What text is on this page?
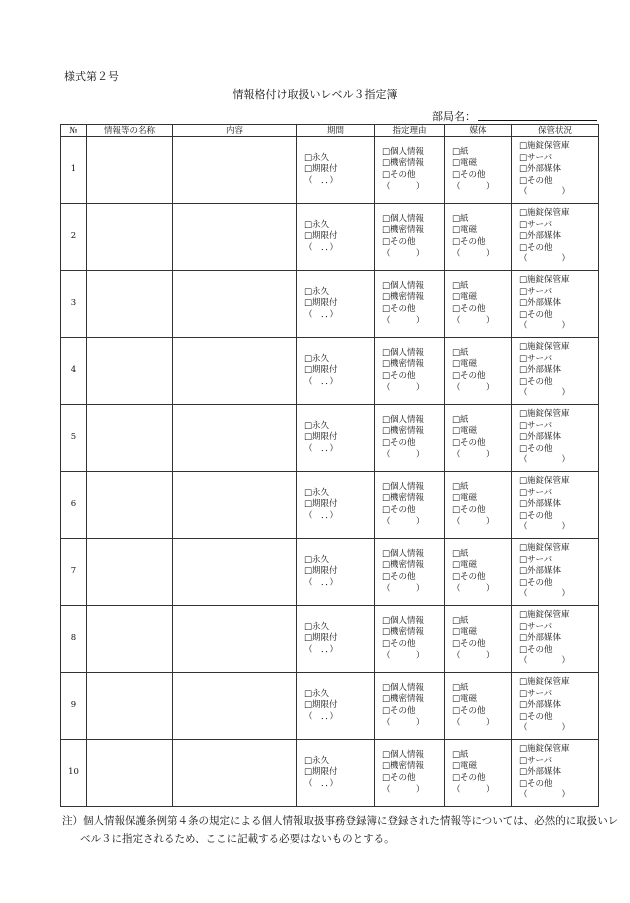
様式第２号
情報格付け取扱いレベル３指定簿
部局名：
№	情報等の名称	内容	期間	指定理由	媒体	保管状況
1			□永久
□期限付
（　．．）	□個人情報
□機密情報
□その他
（　　　）	□紙
□電磁
□その他
（　　　）	□施錠保管庫
□サーバ
□外部媒体
□その他
（　　　　）

2			□永久
□期限付
（　．．）	□個人情報
□機密情報
□その他
（　　　）	□紙
□電磁
□その他
（　　　）	□施錠保管庫
□サーバ
□外部媒体
□その他
（　　　　）

3			□永久
□期限付
（　．．）	□個人情報
□機密情報
□その他
（　　　）	□紙
□電磁
□その他
（　　　）	□施錠保管庫
□サーバ
□外部媒体
□その他
（　　　　）

4			□永久
□期限付
（　．．）	□個人情報
□機密情報
□その他
（　　　）	□紙
□電磁
□その他
（　　　）	□施錠保管庫
□サーバ
□外部媒体
□その他
（　　　　）

5			□永久
□期限付
（　．．）	□個人情報
□機密情報
□その他
（　　　）	□紙
□電磁
□その他
（　　　）	□施錠保管庫
□サーバ
□外部媒体
□その他
（　　　　）

6			□永久
□期限付
（　．．）	□個人情報
□機密情報
□その他
（　　　）	□紙
□電磁
□その他
（　　　）	□施錠保管庫
□サーバ
□外部媒体
□その他
（　　　　）

7			□永久
□期限付
（　．．）	□個人情報
□機密情報
□その他
（　　　）	□紙
□電磁
□その他
（　　　）	□施錠保管庫
□サーバ
□外部媒体
□その他
（　　　　）

8			□永久
□期限付
（　．．）	□個人情報
□機密情報
□その他
（　　　）	□紙
□電磁
□その他
（　　　）	□施錠保管庫
□サーバ
□外部媒体
□その他
（　　　　）

9			□永久
□期限付
（　．．）	□個人情報
□機密情報
□その他
（　　　）	□紙
□電磁
□その他
（　　　）	□施錠保管庫
□サーバ
□外部媒体
□その他
（　　　　）

10			□永久
□期限付
（　．．）	□個人情報
□機密情報
□その他
（　　　）	□紙
□電磁
□その他
（　　　）	□施錠保管庫
□サーバ
□外部媒体
□その他
（　　　　）
注）個人情報保護条例第４条の規定による個人情報取扱事務登録簿に登録された情報等については、必然的に取扱いレベル３に指定されるため、ここに記載する必要はないものとする。
